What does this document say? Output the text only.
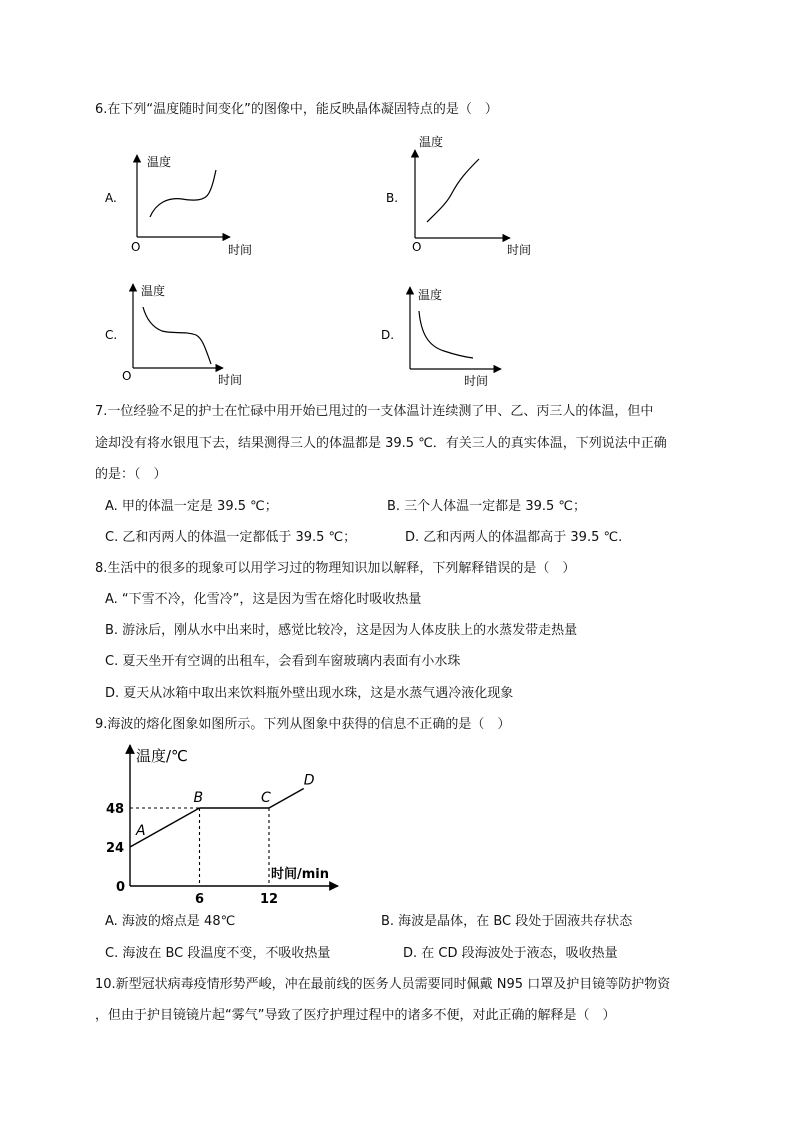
6.在下列“温度随时间变化”的图像中，能反映晶体凝固特点的是（　）
7.一位经验不足的护士在忙碌中用开始已甩过的一支体温计连续测了甲、乙、丙三人的体温，但中
途却没有将水银甩下去，结果测得三人的体温都是 39.5 ℃．有关三人的真实体温，下列说法中正确
的是：（　）
A. 甲的体温一定是 39.5 ℃；	B. 三个人体温一定都是 39.5 ℃；
C. 乙和丙两人的体温一定都低于 39.5 ℃；	D. 乙和丙两人的体温都高于 39.5 ℃.
8.生活中的很多的现象可以用学习过的物理知识加以解释，下列解释错误的是（　）
A. “下雪不冷，化雪冷”，这是因为雪在熔化时吸收热量
B. 游泳后，刚从水中出来时，感觉比较冷，这是因为人体皮肤上的水蒸发带走热量
C. 夏天坐开有空调的出租车，会看到车窗玻璃内表面有小水珠
D. 夏天从冰箱中取出来饮料瓶外壁出现水珠，这是水蒸气遇冷液化现象
9.海波的熔化图象如图所示。下列从图象中获得的信息不正确的是（　）
A. 海波的熔点是 48℃	B. 海波是晶体，在 BC 段处于固液共存状态
C. 海波在 BC 段温度不变，不吸收热量	D. 在 CD 段海波处于液态，吸收热量
10.新型冠状病毒疫情形势严峻，冲在最前线的医务人员需要同时佩戴 N95 口罩及护目镜等防护物资
，但由于护目镜镜片起“雾气”导致了医疗护理过程中的诸多不便，对此正确的解释是（　）
A.
温度
时间
O
B.
温度
时间
O
C.
温度
时间
O
D.
温度
时间
温度/℃
时间/min
0
24
48
6	12
A
B	C
D
